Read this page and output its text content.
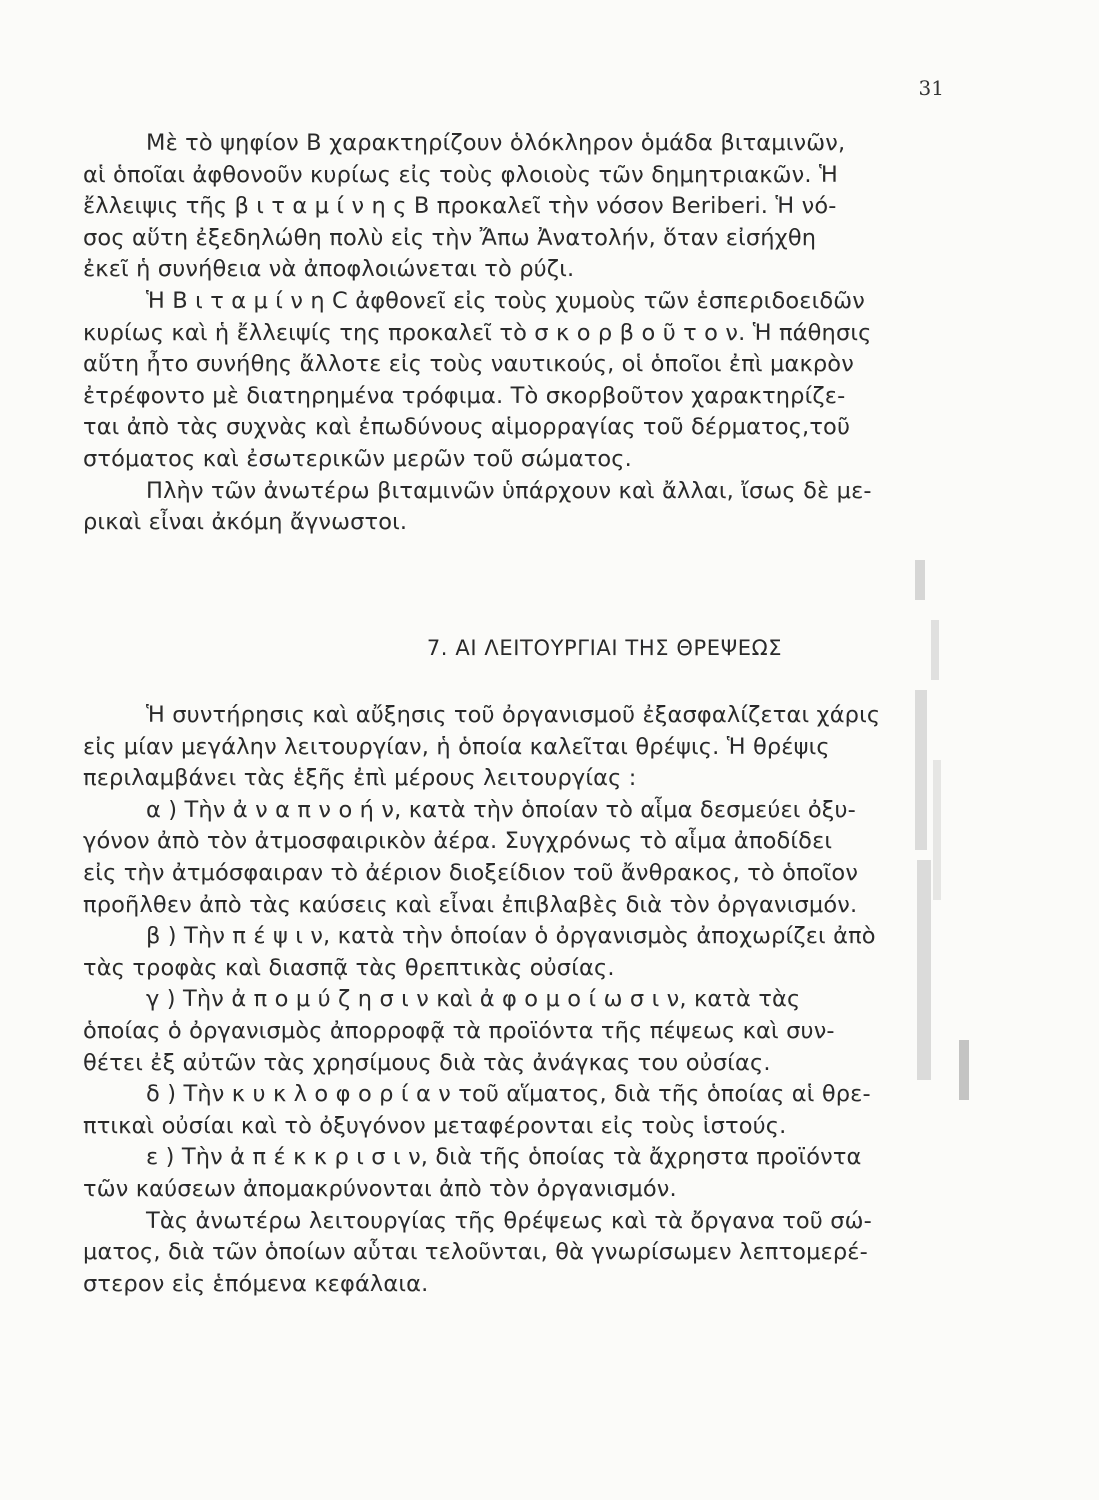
31
Μὲ τὸ ψηφίον Β χαρακτηρίζουν ὁλόκληρον ὁμάδα βιταμινῶν,
αἱ ὁποῖαι ἀφθονοῦν κυρίως εἰς τοὺς φλοιοὺς τῶν δημητριακῶν. Ἡ
ἔλλειψις τῆς β ι τ α μ ί ν η ς Β προκαλεῖ τὴν νόσον Beriberi. Ἡ νό-
σος αὕτη ἐξεδηλώθη πολὺ εἰς τὴν Ἄπω Ἀνατολήν, ὅταν εἰσήχθη
ἐκεῖ ἡ συνήθεια νὰ ἀποφλοιώνεται τὸ ρύζι.
Ἡ Β ι τ α μ ί ν η C ἀφθονεῖ εἰς τοὺς χυμοὺς τῶν ἑσπεριδοειδῶν
κυρίως καὶ ἡ ἔλλειψίς της προκαλεῖ τὸ σ κ ο ρ β ο ῦ τ ο ν. Ἡ πάθησις
αὕτη ἦτο συνήθης ἄλλοτε εἰς τοὺς ναυτικούς, οἱ ὁποῖοι ἐπὶ μακρὸν
ἐτρέφοντο μὲ διατηρημένα τρόφιμα. Τὸ σκορβοῦτον χαρακτηρίζε-
ται ἀπὸ τὰς συχνὰς καὶ ἐπωδύνους αἱμορραγίας τοῦ δέρματος,τοῦ
στόματος καὶ ἐσωτερικῶν μερῶν τοῦ σώματος.
Πλὴν τῶν ἀνωτέρω βιταμινῶν ὑπάρχουν καὶ ἄλλαι, ἴσως δὲ με-
ρικαὶ εἶναι ἀκόμη ἄγνωστοι.
7. ΑΙ ΛΕΙΤΟΥΡΓΙΑΙ ΤΗΣ ΘΡΕΨΕΩΣ
Ἡ συντήρησις καὶ αὔξησις τοῦ ὀργανισμοῦ ἐξασφαλίζεται χάρις
εἰς μίαν μεγάλην λειτουργίαν, ἡ ὁποία καλεῖται θρέψις. Ἡ θρέψις
περιλαμβάνει τὰς ἑξῆς ἐπὶ μέρους λειτουργίας :
α ) Τὴν ἀ ν α π ν ο ή ν, κατὰ τὴν ὁποίαν τὸ αἷμα δεσμεύει ὀξυ-
γόνον ἀπὸ τὸν ἀτμοσφαιρικὸν ἀέρα. Συγχρόνως τὸ αἷμα ἀποδίδει
εἰς τὴν ἀτμόσφαιραν τὸ ἀέριον διοξείδιον τοῦ ἄνθρακος, τὸ ὁποῖον
προῆλθεν ἀπὸ τὰς καύσεις καὶ εἶναι ἐπιβλαβὲς διὰ τὸν ὀργανισμόν.
β ) Τὴν π έ ψ ι ν, κατὰ τὴν ὁποίαν ὁ ὀργανισμὸς ἀποχωρίζει ἀπὸ
τὰς τροφὰς καὶ διασπᾷ τὰς θρεπτικὰς οὐσίας.
γ ) Τὴν ἀ π ο μ ύ ζ η σ ι ν καὶ ἀ φ ο μ ο ί ω σ ι ν, κατὰ τὰς
ὁποίας ὁ ὀργανισμὸς ἀπορροφᾷ τὰ προϊόντα τῆς πέψεως καὶ συν-
θέτει ἐξ αὐτῶν τὰς χρησίμους διὰ τὰς ἀνάγκας του οὐσίας.
δ ) Τὴν κ υ κ λ ο φ ο ρ ί α ν τοῦ αἵματος, διὰ τῆς ὁποίας αἱ θρε-
πτικαὶ οὐσίαι καὶ τὸ ὀξυγόνον μεταφέρονται εἰς τοὺς ἱστούς.
ε ) Τὴν ἀ π έ κ κ ρ ι σ ι ν, διὰ τῆς ὁποίας τὰ ἄχρηστα προϊόντα
τῶν καύσεων ἀπομακρύνονται ἀπὸ τὸν ὀργανισμόν.
Τὰς ἀνωτέρω λειτουργίας τῆς θρέψεως καὶ τὰ ὄργανα τοῦ σώ-
ματος, διὰ τῶν ὁποίων αὗται τελοῦνται, θὰ γνωρίσωμεν λεπτομερέ-
στερον εἰς ἑπόμενα κεφάλαια.
